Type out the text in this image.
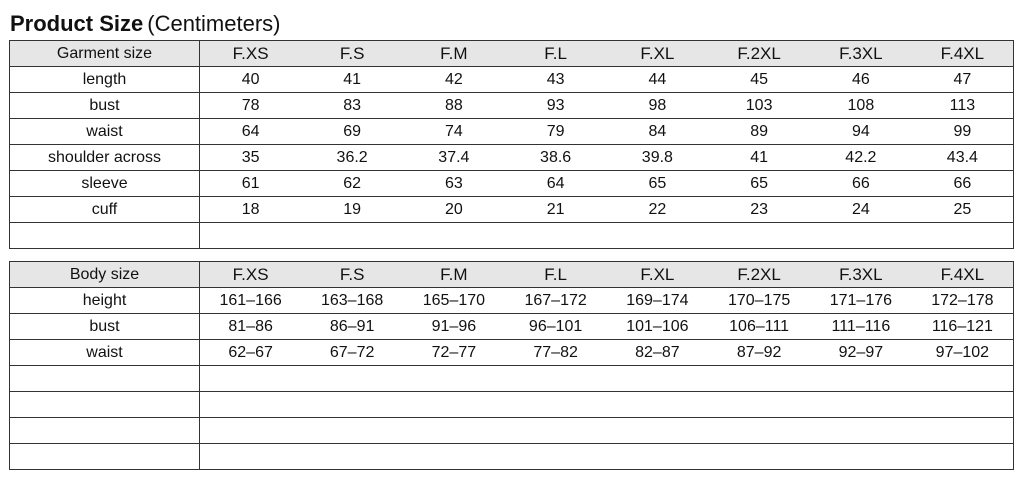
Product Size (Centimeters)
Garment size	F.XS	F.S	F.M	F.L	F.XL	F.2XL	F.3XL	F.4XL
length	40	41	42	43	44	45	46	47
bust	78	83	88	93	98	103	108	113
waist	64	69	74	79	84	89	94	99
shoulder across	35	36.2	37.4	38.6	39.8	41	42.2	43.4
sleeve	61	62	63	64	65	65	66	66
cuff	18	19	20	21	22	23	24	25

Body size	F.XS	F.S	F.M	F.L	F.XL	F.2XL	F.3XL	F.4XL
height	161–166	163–168	165–170	167–172	169–174	170–175	171–176	172–178
bust	81–86	86–91	91–96	96–101	101–106	106–111	111–116	116–121
waist	62–67	67–72	72–77	77–82	82–87	87–92	92–97	97–102
